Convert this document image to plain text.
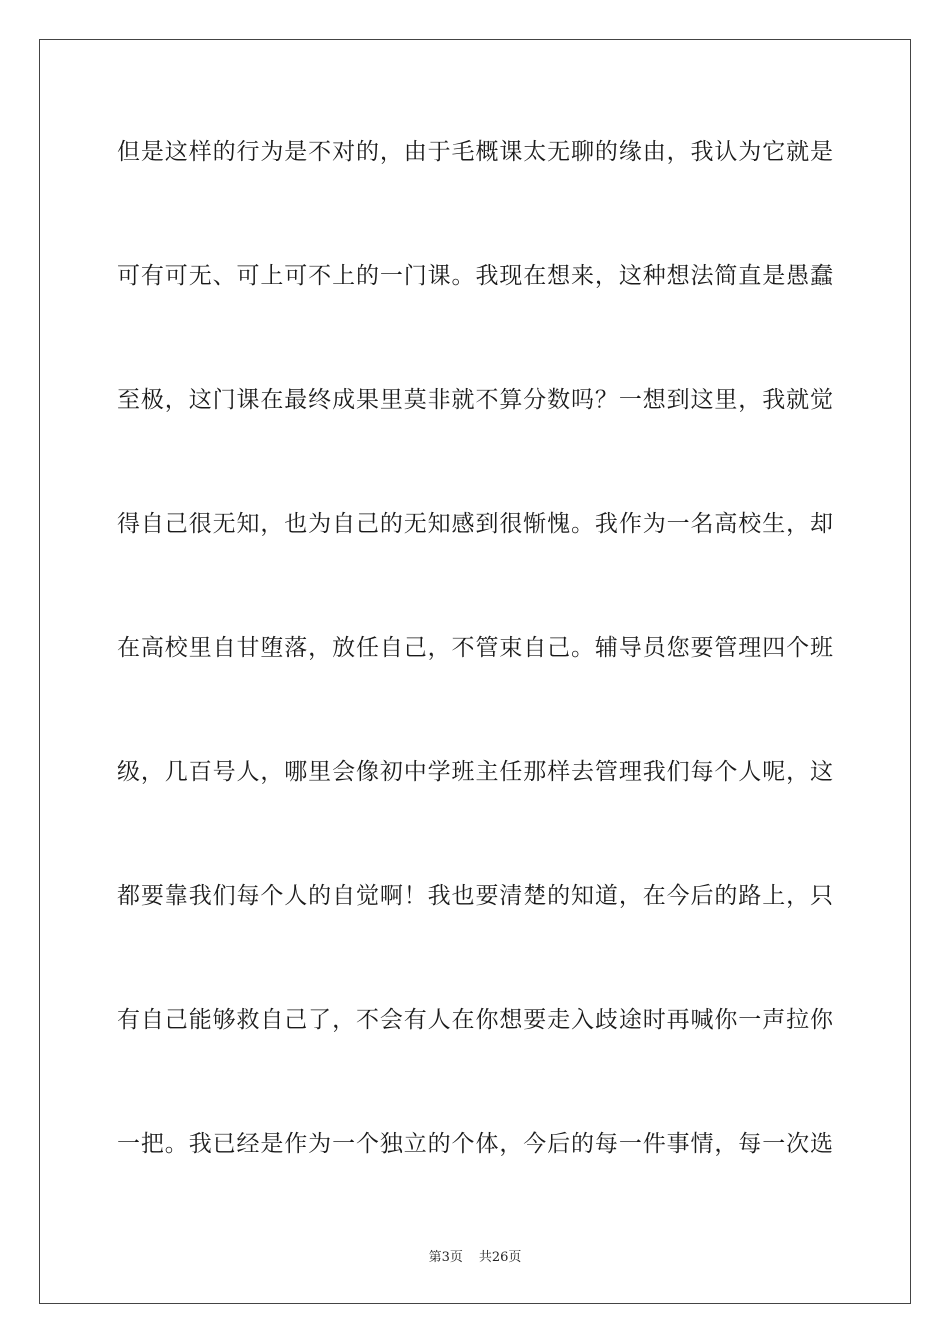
但是这样的行为是不对的，由于毛概课太无聊的缘由，我认为它就是
可有可无、可上可不上的一门课。我现在想来，这种想法简直是愚蠢
至极，这门课在最终成果里莫非就不算分数吗？一想到这里，我就觉
得自己很无知，也为自己的无知感到很惭愧。我作为一名高校生，却
在高校里自甘堕落，放任自己，不管束自己。辅导员您要管理四个班
级，几百号人，哪里会像初中学班主任那样去管理我们每个人呢，这
都要靠我们每个人的自觉啊！我也要清楚的知道，在今后的路上，只
有自己能够救自己了，不会有人在你想要走入歧途时再喊你一声拉你
一把。我已经是作为一个独立的个体，今后的每一件事情，每一次选
第3页 共26页
